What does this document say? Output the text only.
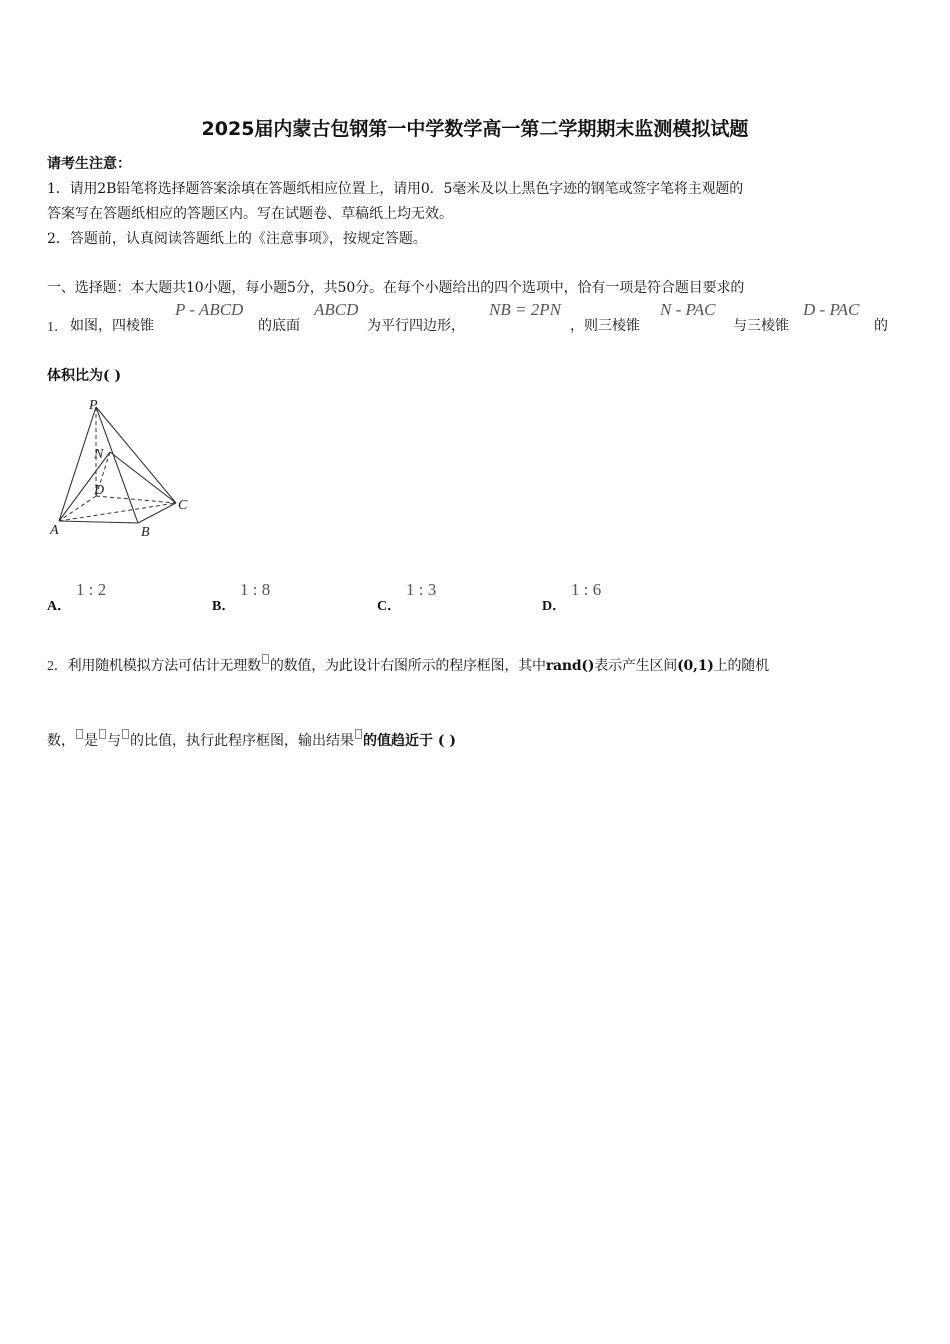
2025届内蒙古包钢第一中学数学高一第二学期期末监测模拟试题
请考生注意：
1．请用2B铅笔将选择题答案涂填在答题纸相应位置上，请用0．5毫米及以上黑色字迹的钢笔或签字笔将主观题的
答案写在答题纸相应的答题区内。写在试题卷、草稿纸上均无效。
2．答题前，认真阅读答题纸上的《注意事项》，按规定答题。
一、选择题：本大题共10小题，每小题5分，共50分。在每个小题给出的四个选项中，恰有一项是符合题目要求的
1． 如图，四棱锥
P - ABCD
的底面
ABCD
为平行四边形，
NB = 2PN
，则三棱锥
N - PAC
与三棱锥
D - PAC
的
体积比为( )
P
N
D
C
A	B
A．
1 : 2
B．
1 : 8
C．
1 : 3
D．
1 : 6
2．利用随机模拟方法可估计无理数 的数值，为此设计右图所示的程序框图，其中rand()表示产生区间(0,1)上的随机
数， 是 与 的比值，执行此程序框图，输出结果 的值趋近于 ( )
